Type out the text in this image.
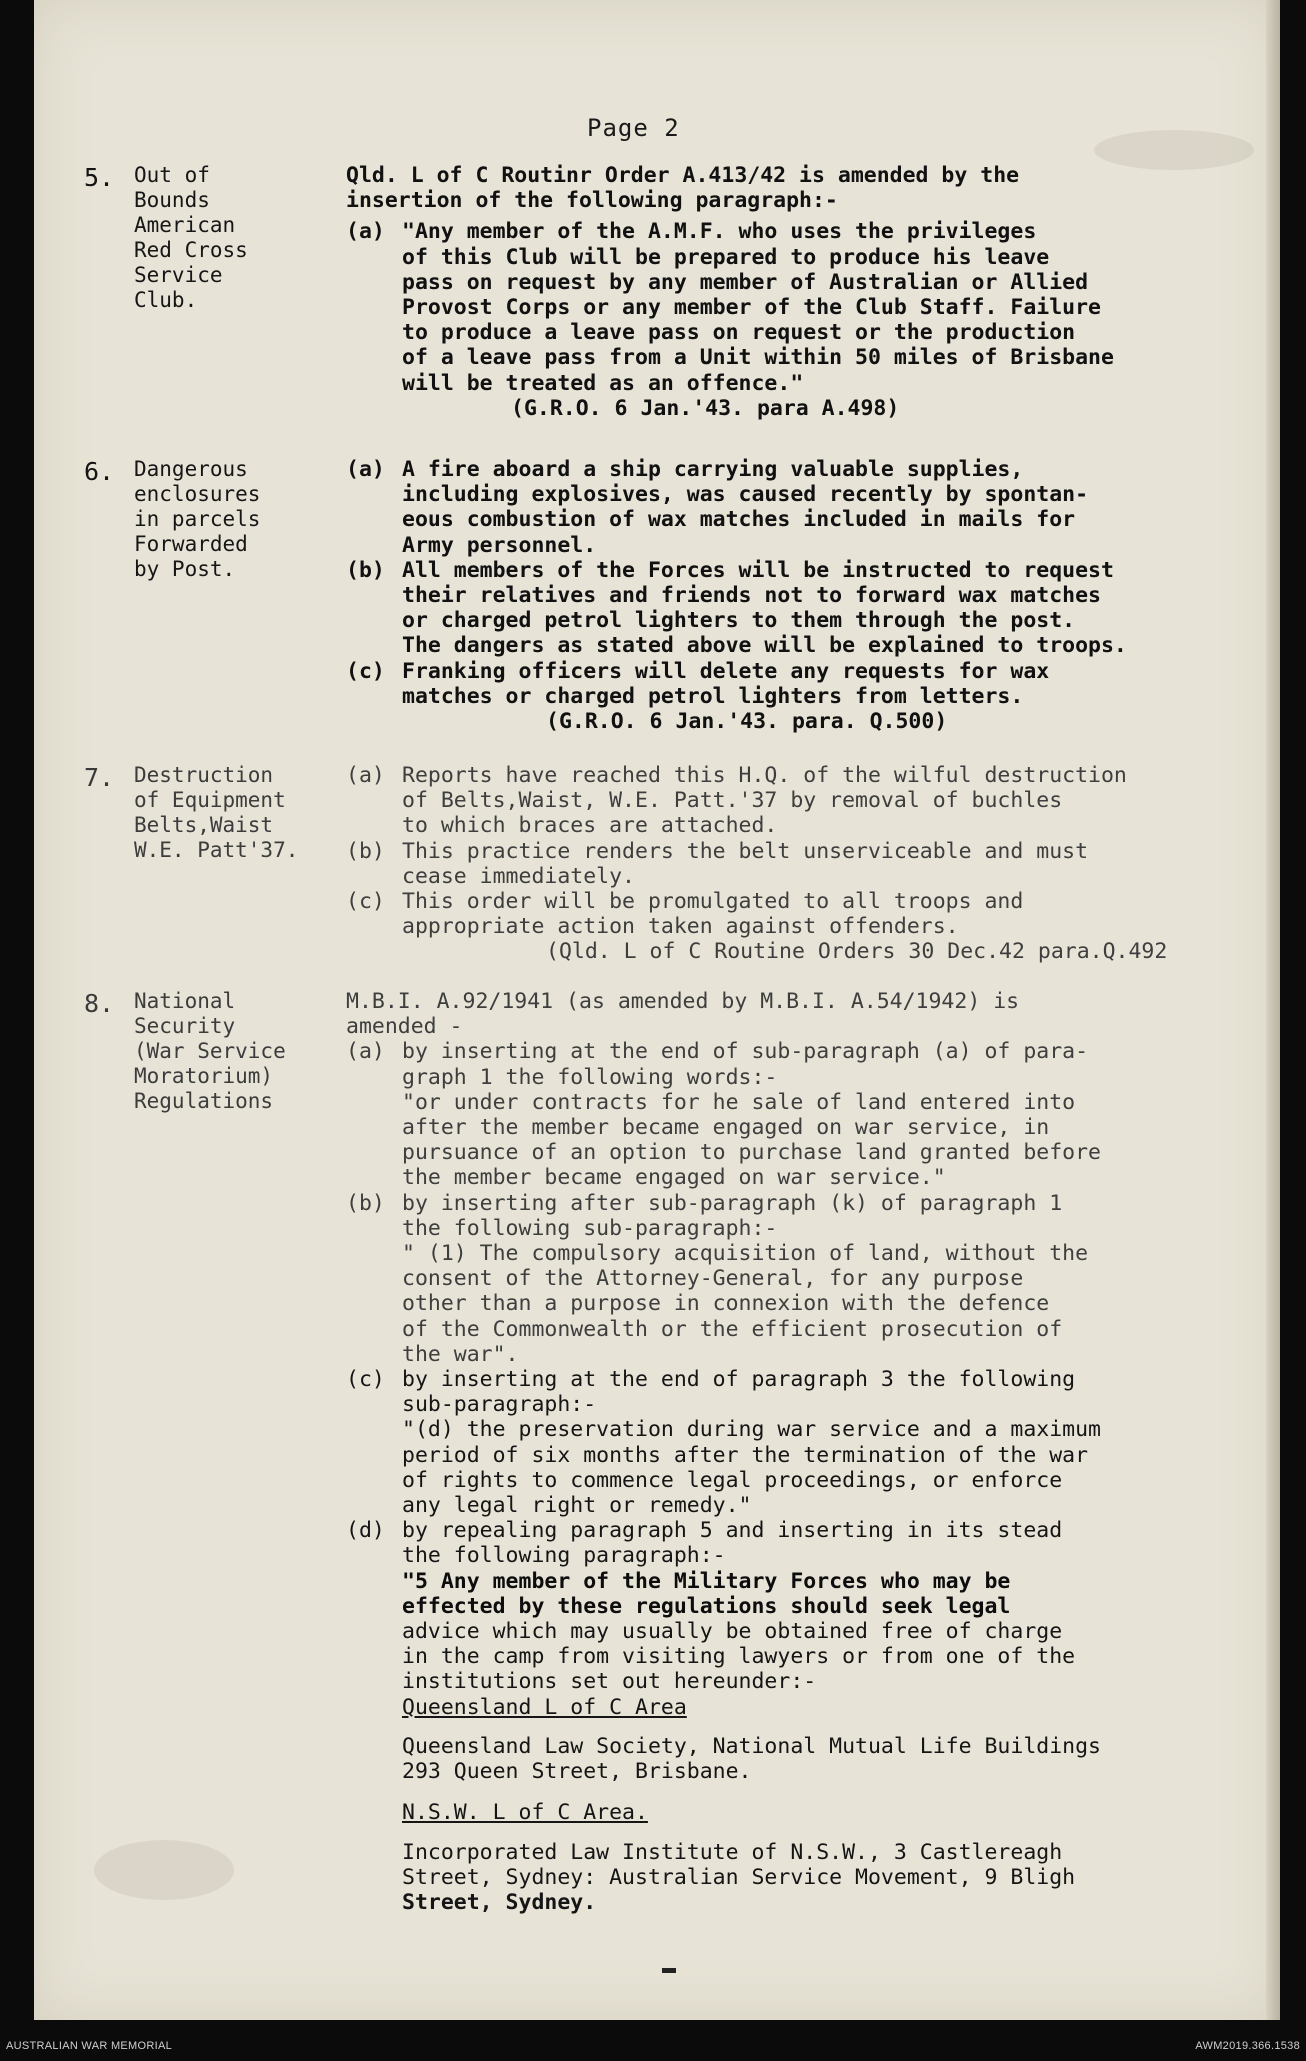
Page 2
5. Out of
Bounds
American
Red Cross
Service
Club.
Qld. L of C Routinr Order A.413/42 is amended by the
insertion of the following paragraph:-
(a) "Any member of the A.M.F. who uses the privileges
of this Club will be prepared to produce his leave
pass on request by any member of Australian or Allied
Provost Corps or any member of the Club Staff. Failure
to produce a leave pass on request or the production
of a leave pass from a Unit within 50 miles of Brisbane
will be treated as an offence."
(G.R.O. 6 Jan.'43. para A.498)
6. Dangerous
enclosures
in parcels
Forwarded
by Post.
(a) A fire aboard a ship carrying valuable supplies,
including explosives, was caused recently by spontan-
eous combustion of wax matches included in mails for
Army personnel.
(b) All members of the Forces will be instructed to request
their relatives and friends not to forward wax matches
or charged petrol lighters to them through the post.
The dangers as stated above will be explained to troops.
(c) Franking officers will delete any requests for wax
matches or charged petrol lighters from letters.
(G.R.O. 6 Jan.'43. para. Q.500)
7. Destruction
of Equipment
Belts,Waist
W.E. Patt'37.
(a) Reports have reached this H.Q. of the wilful destruction
of Belts,Waist, W.E. Patt.'37 by removal of buchles
to which braces are attached.
(b) This practice renders the belt unserviceable and must
cease immediately.
(c) This order will be promulgated to all troops and
appropriate action taken against offenders.
(Qld. L of C Routine Orders 30 Dec.42 para.Q.492
8. National
Security
(War Service
Moratorium)
Regulations
M.B.I. A.92/1941 (as amended by M.B.I. A.54/1942) is
amended -
(a) by inserting at the end of sub-paragraph (a) of para-
graph 1 the following words:-
"or under contracts for he sale of land entered into
after the member became engaged on war service, in
pursuance of an option to purchase land granted before
the member became engaged on war service."
(b) by inserting after sub-paragraph (k) of paragraph 1
the following sub-paragraph:-
" (1) The compulsory acquisition of land, without the
consent of the Attorney-General, for any purpose
other than a purpose in connexion with the defence
of the Commonwealth or the efficient prosecution of
the war".
(c) by inserting at the end of paragraph 3 the following
sub-paragraph:-
"(d) the preservation during war service and a maximum
period of six months after the termination of the war
of rights to commence legal proceedings, or enforce
any legal right or remedy."
(d) by repealing paragraph 5 and inserting in its stead
the following paragraph:-
"5 Any member of the Military Forces who may be
effected by these regulations should seek legal
advice which may usually be obtained free of charge
in the camp from visiting lawyers or from one of the
institutions set out hereunder:-
Queensland L of C Area
Queensland Law Society, National Mutual Life Buildings
293 Queen Street, Brisbane.
N.S.W. L of C Area.
Incorporated Law Institute of N.S.W., 3 Castlereagh
Street, Sydney: Australian Service Movement, 9 Bligh
Street, Sydney.
AUSTRALIAN WAR MEMORIAL	AWM2019.366.1538
